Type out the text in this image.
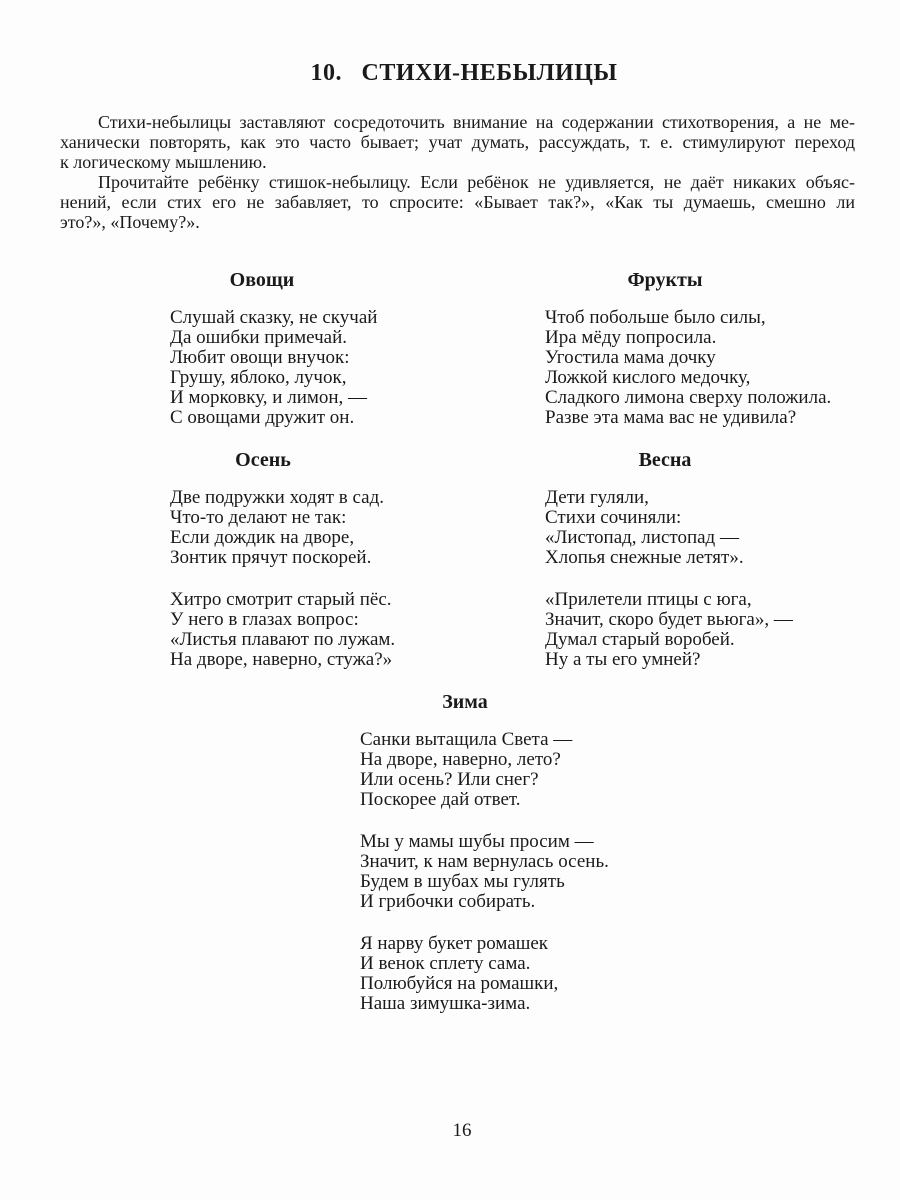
10.   СТИХИ-НЕБЫЛИЦЫ
Стихи-небылицы заставляют сосредоточить внимание на содержании стихотворения, а не ме-
ханически повторять, как это часто бывает; учат думать, рассуждать, т. е. стимулируют переход
к логическому мышлению.
Прочитайте ребёнку стишок-небылицу. Если ребёнок не удивляется, не даёт никаких объяс-
нений, если стих его не забавляет, то спросите: «Бывает так?», «Как ты думаешь, смешно ли
это?», «Почему?».
Овощи
Слушай сказку, не скучай
Да ошибки примечай.
Любит овощи внучок:
Грушу, яблоко, лучок,
И морковку, и лимон, —
С овощами дружит он.
Фрукты
Чтоб побольше было силы,
Ира мёду попросила.
Угостила мама дочку
Ложкой кислого медочку,
Сладкого лимона сверху положила.
Разве эта мама вас не удивила?
Осень
Две подружки ходят в сад.
Что-то делают не так:
Если дождик на дворе,
Зонтик прячут поскорей.
Хитро смотрит старый пёс.
У него в глазах вопрос:
«Листья плавают по лужам.
На дворе, наверно, стужа?»
Весна
Дети гуляли,
Стихи сочиняли:
«Листопад, листопад —
Хлопья снежные летят».
«Прилетели птицы с юга,
Значит, скоро будет вьюга», —
Думал старый воробей.
Ну а ты его умней?
Зима
Санки вытащила Света —
На дворе, наверно, лето?
Или осень? Или снег?
Поскорее дай ответ.
Мы у мамы шубы просим —
Значит, к нам вернулась осень.
Будем в шубах мы гулять
И грибочки собирать.
Я нарву букет ромашек
И венок сплету сама.
Полюбуйся на ромашки,
Наша зимушка-зима.
16
